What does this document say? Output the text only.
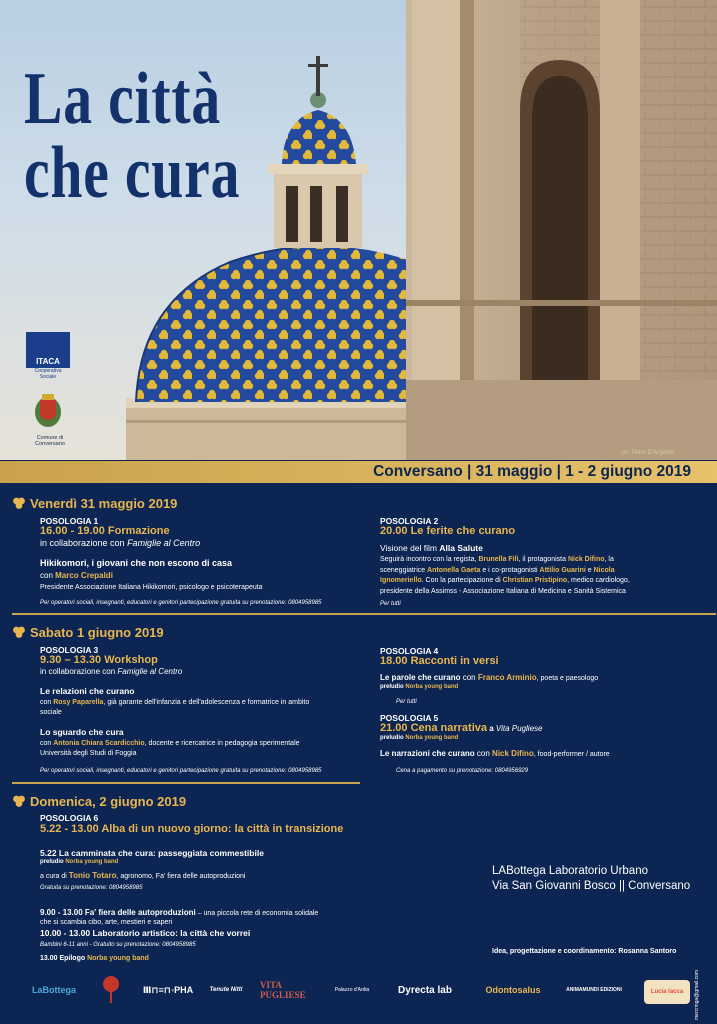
La città
che cura
ITACA
Cooperativa Sociale
Comune di
Conversano
ph. Piero D'Argento
Conversano | 31 maggio | 1 - 2 giugno 2019
Venerdì 31 maggio 2019
POSOLOGIA 1
16.00 - 19.00 Formazione
in collaborazione con Famiglie al Centro
Hikikomori, i giovani che non escono di casa
con Marco Crepaldi
Presidente Associazione Italiana Hikikomori, psicologo e psicoterapeuta
Per operatori sociali, insegnanti, educatori e genitori partecipazione gratuita su prenotazione: 0804958985
POSOLOGIA 2
20.00 Le ferite che curano
Visione del film Alla Salute
Seguirà incontro con la regista, Brunella Filì, il protagonista Nick Difino, la
sceneggiatrice Antonella Gaeta e i co-protagonisti Attilio Guarini e Nicola
Ignomeriello. Con la partecipazione di Christian Pristipino, medico cardiologo,
presidente della Assimss - Associazione Italiana di Medicina e Sanità Sistemica
Per tutti
Sabato 1 giugno 2019
POSOLOGIA 3
9.30 – 13.30 Workshop
in collaborazione con Famiglie al Centro
Le relazioni che curano
con Rosy Paparella, già garante dell'infanzia e dell'adolescenza e formatrice in ambito
sociale
Lo sguardo che cura
con Antonia Chiara Scardicchio, docente e ricercatrice in pedagogia sperimentale
Università degli Studi di Foggia
Per operatori sociali, insegnanti, educatori e genitori partecipazione gratuita su prenotazione: 0804958985
POSOLOGIA 4
18.00 Racconti in versi
Le parole che curano con Franco Arminio, poeta e paesologo
preludio Norba young band
Per tutti
POSOLOGIA 5
21.00 Cena narrativa a Vita Pugliese
preludio Norba young band
Le narrazioni che curano con Nick Difino, food-performer / autore
Cena a pagamento su prenotazione: 0804956929
Domenica, 2 giugno 2019
POSOLOGIA 6
5.22 - 13.00 Alba di un nuovo giorno: la città in transizione
5.22 La camminata che cura: passeggiata commestibile
preludio Norba young band
a cura di Tonio Totaro, agronomo, Fa' fiera delle autoproduzioni
Gratuita su prenotazione: 0804958985
9.00 - 13.00 Fa' fiera delle autoproduzioni – una piccola rete di economia solidale
che si scambia cibo, arte, mestieri e saperi
10.00 - 13.00 Laboratorio artistico: la città che vorrei
Bambini 6-11 anni - Gratuito su prenotazione: 0804958985
13.00 Epilogo Norba young band
LABottega Laboratorio Urbano
Via San Giovanni Bosco || Conversano
Idea, progettazione e coordinamento: Rosanna Santoro
mercringa@gmail.com
LaBottega	Ⅲ⊓≡⊓◦PHA	Tenute Nitti	VITA PUGLIESE	Palazzo d'Ardia	Dyrecta lab	Odontosalus	ANIMAMUNDI EDIZIONI	Lucia Iacca
